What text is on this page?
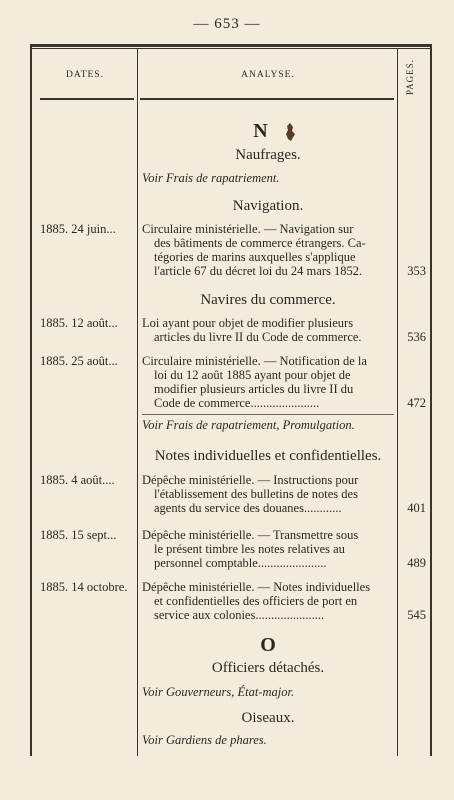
— 653 —
DATES.	ANALYSE.	PAGES.
N
Naufrages.
Voir Frais de rapatriement.
Navigation.
1885. 24 juin... Circulaire ministérielle. — Navigation sur
des bâtiments de commerce étrangers. Ca-
tégories de marins auxquelles s'applique
l'article 67 du décret loi du 24 mars 1852.	353
Navires du commerce.
1885. 12 août... Loi ayant pour objet de modifier plusieurs
articles du livre II du Code de commerce.	536
1885. 25 août... Circulaire ministérielle. — Notification de la
loi du 12 août 1885 ayant pour objet de
modifier plusieurs articles du livre II du
Code de commerce......................	472
Voir Frais de rapatriement, Promulgation.
Notes individuelles et confidentielles.
1885. 4 août.... Dépêche ministérielle. — Instructions pour
l'établissement des bulletins de notes des
agents du service des douanes............	401
1885. 15 sept... Dépêche ministérielle. — Transmettre sous
le présent timbre les notes relatives au
personnel comptable......................	489
1885. 14 octobre. Dépêche ministérielle. — Notes individuelles
et confidentielles des officiers de port en
service aux colonies......................	545
O
Officiers détachés.
Voir Gouverneurs, État-major.
Oiseaux.
Voir Gardiens de phares.
